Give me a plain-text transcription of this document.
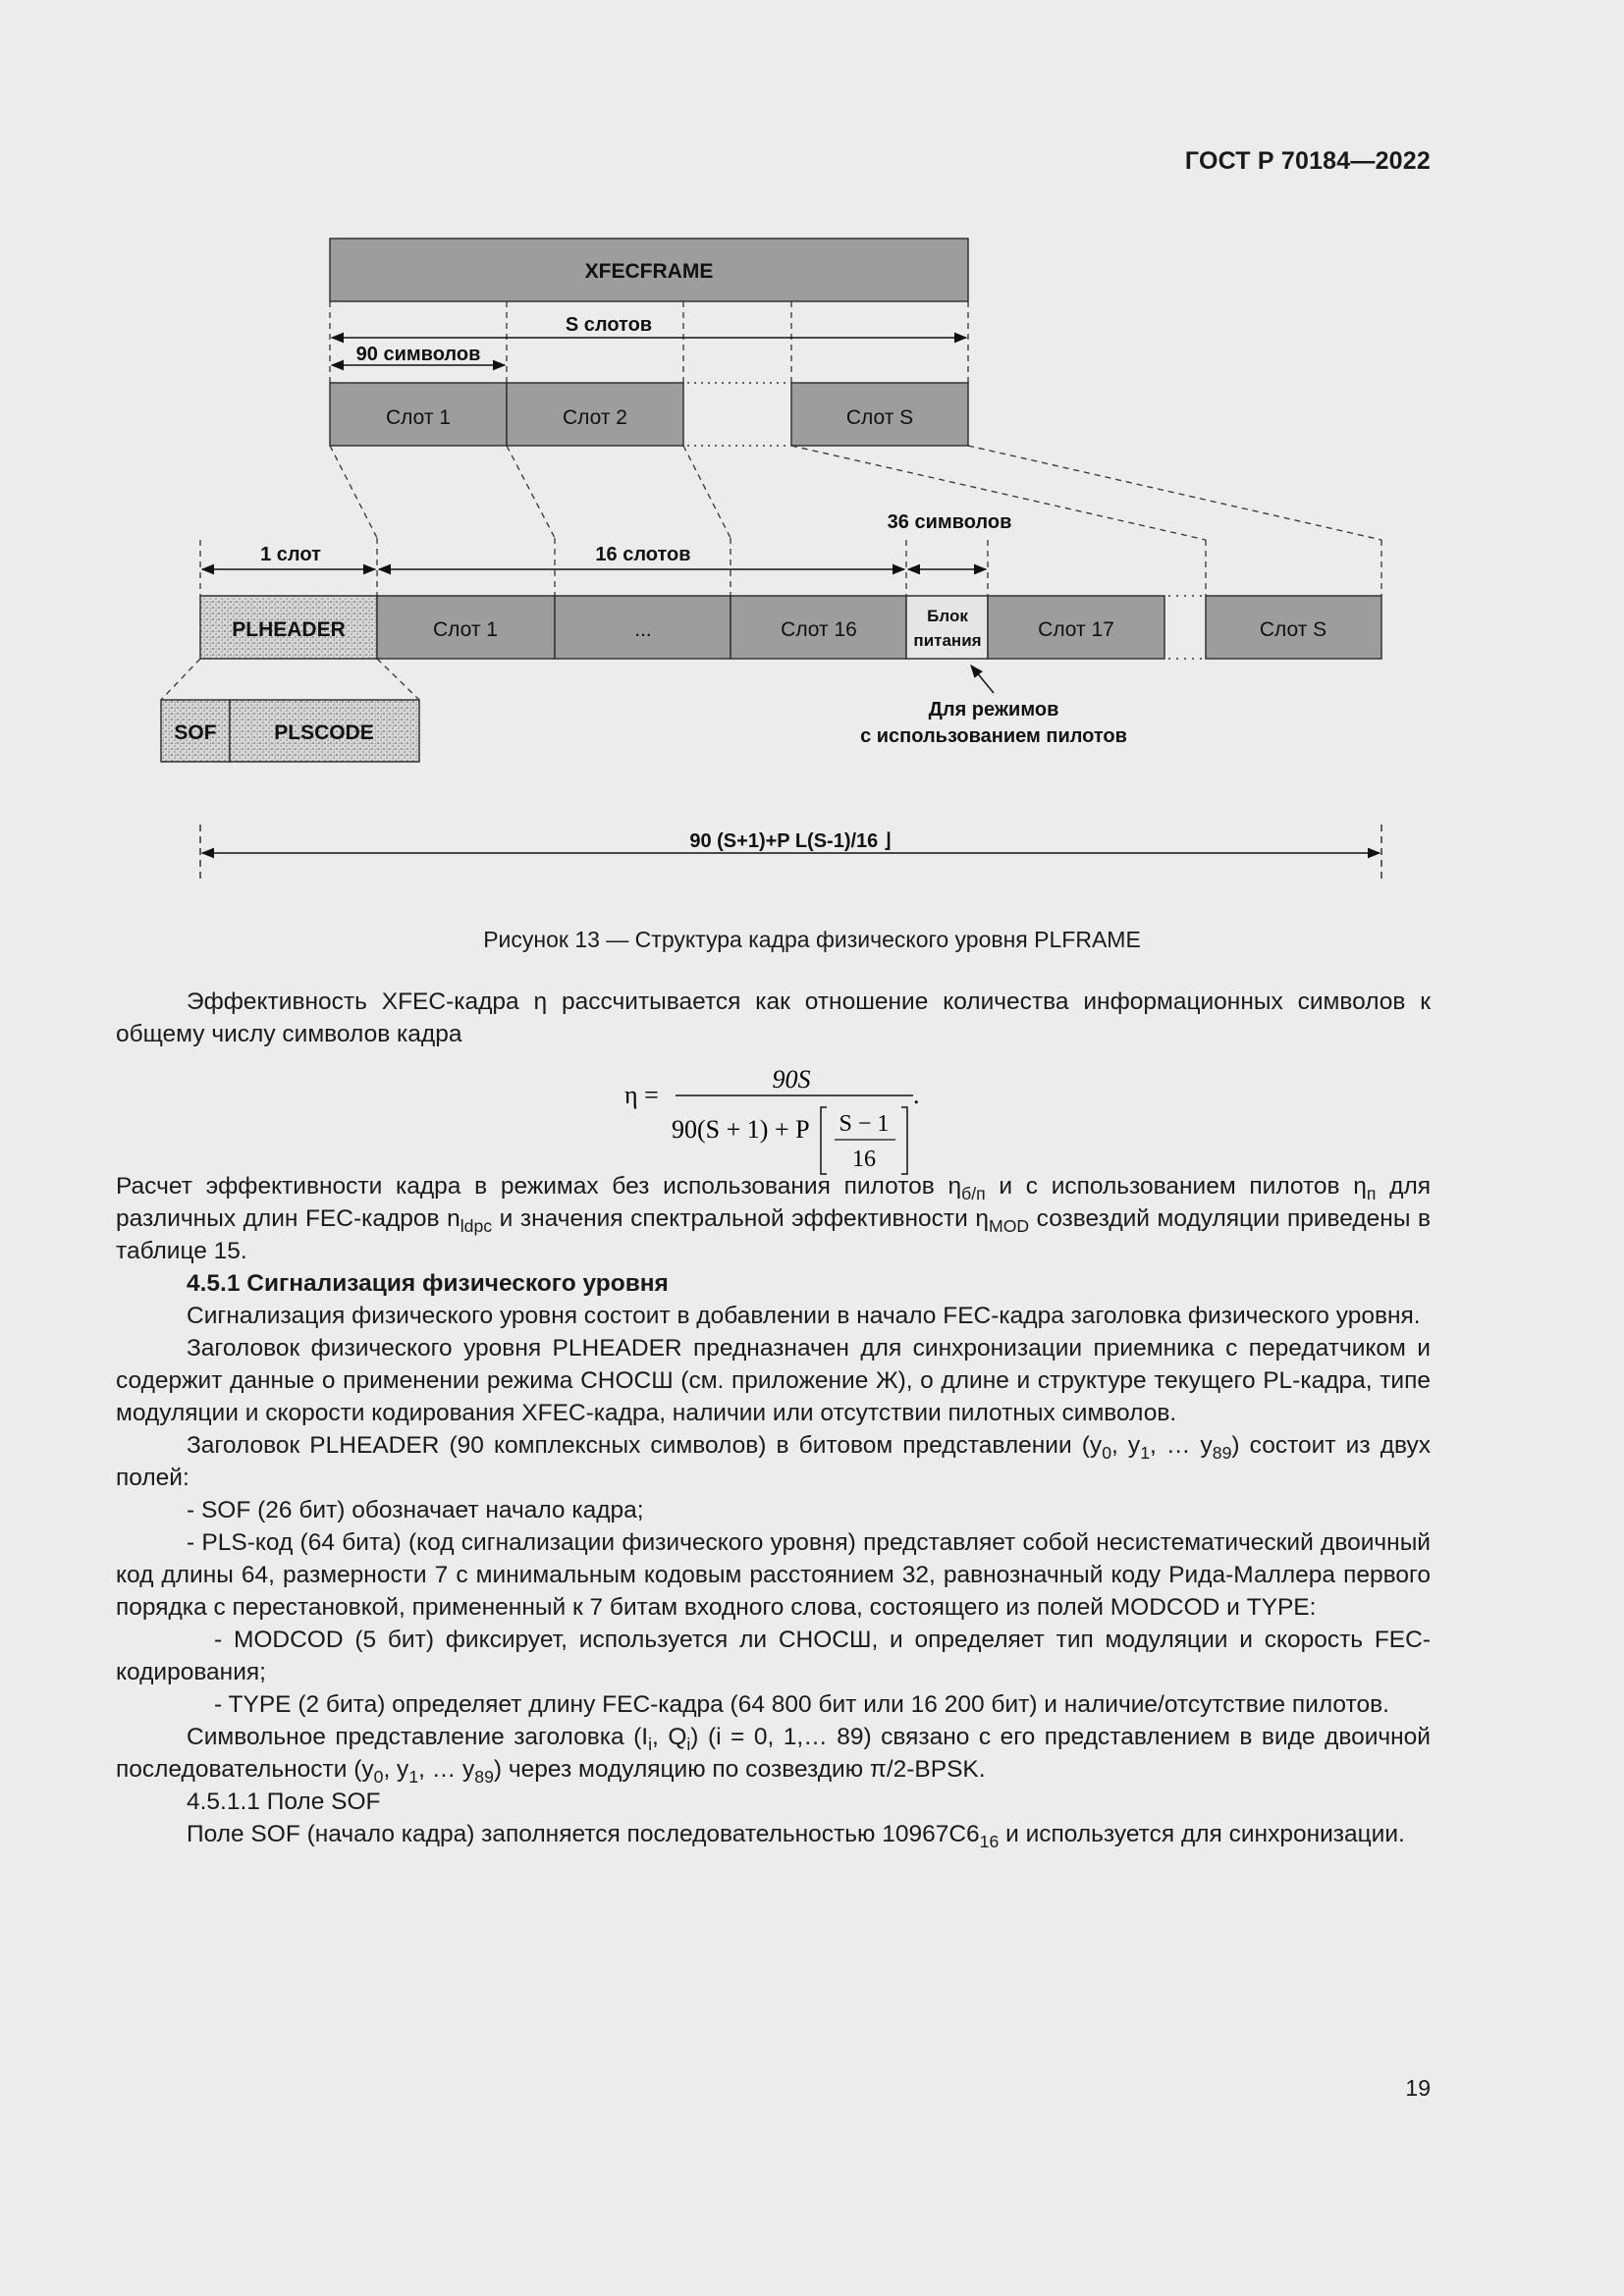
ГОСТ Р 70184—2022
XFECFRAME
S слотов
90 символов
Слот 1	Слот 2	Слот S
1 слот	16 слотов
36 символов
PLHEADER	Слот 1	...	Слот 16
Блок
питания	Слот 17	Слот S
SOF	PLSCODE
Для режимов
с использованием пилотов
90 (S+1)+P L(S-1)/16 ⌋
Рисунок 13 — Структура кадра физического уровня PLFRAME
η =
90S
90(S + 1) + P S − 1
16
.

Эффективность XFEC-кадра η рассчитывается как отношение количества информационных символов к общему числу символов кадра

Расчет эффективности кадра в режимах без использования пилотов $\eta_{б/п}$ и с использованием пилотов $\eta_п$ для различных длин FEC-кадров $n_{ldpc}$ и значения спектральной эффективности $\eta_{MOD}$ созвездий модуляции приведены в таблице 15.

4.5.1 Сигнализация физического уровня

Сигнализация физического уровня состоит в добавлении в начало FEC-кадра заголовка физического уровня.

Заголовок физического уровня PLHEADER предназначен для синхронизации приемника с передатчиком и содержит данные о применении режима СНОСШ (см. приложение Ж), о длине и структуре текущего PL-кадра, типе модуляции и скорости кодирования XFEC-кадра, наличии или отсутствии пилотных символов.

Заголовок PLHEADER (90 комплексных символов) в битовом представлении ($y_0$, $y_1$, … $y_{89}$) состоит из двух полей:

- SOF (26 бит) обозначает начало кадра;

- PLS-код (64 бита) (код сигнализации физического уровня) представляет собой несистематический двоичный код длины 64, размерности 7 с минимальным кодовым расстоянием 32, равнозначный коду Рида-Маллера первого порядка с перестановкой, примененный к 7 битам входного слова, состоящего из полей MODCOD и TYPE:

- MODCOD (5 бит) фиксирует, используется ли СНОСШ, и определяет тип модуляции и скорость FEC-кодирования;

- TYPE (2 бита) определяет длину FEC-кадра (64 800 бит или 16 200 бит) и наличие/отсутствие пилотов.

Символьное представление заголовка ($I_i$, $Q_i$) (i = 0, 1,… 89) связано с его представлением в виде двоичной последовательности ($y_0$, $y_1$, … $y_{89}$) через модуляцию по созвездию π/2-BPSK.

4.5.1.1 Поле SOF

Поле SOF (начало кадра) заполняется последовательностью $10967C6_{16}$ и используется для синхронизации.

19
